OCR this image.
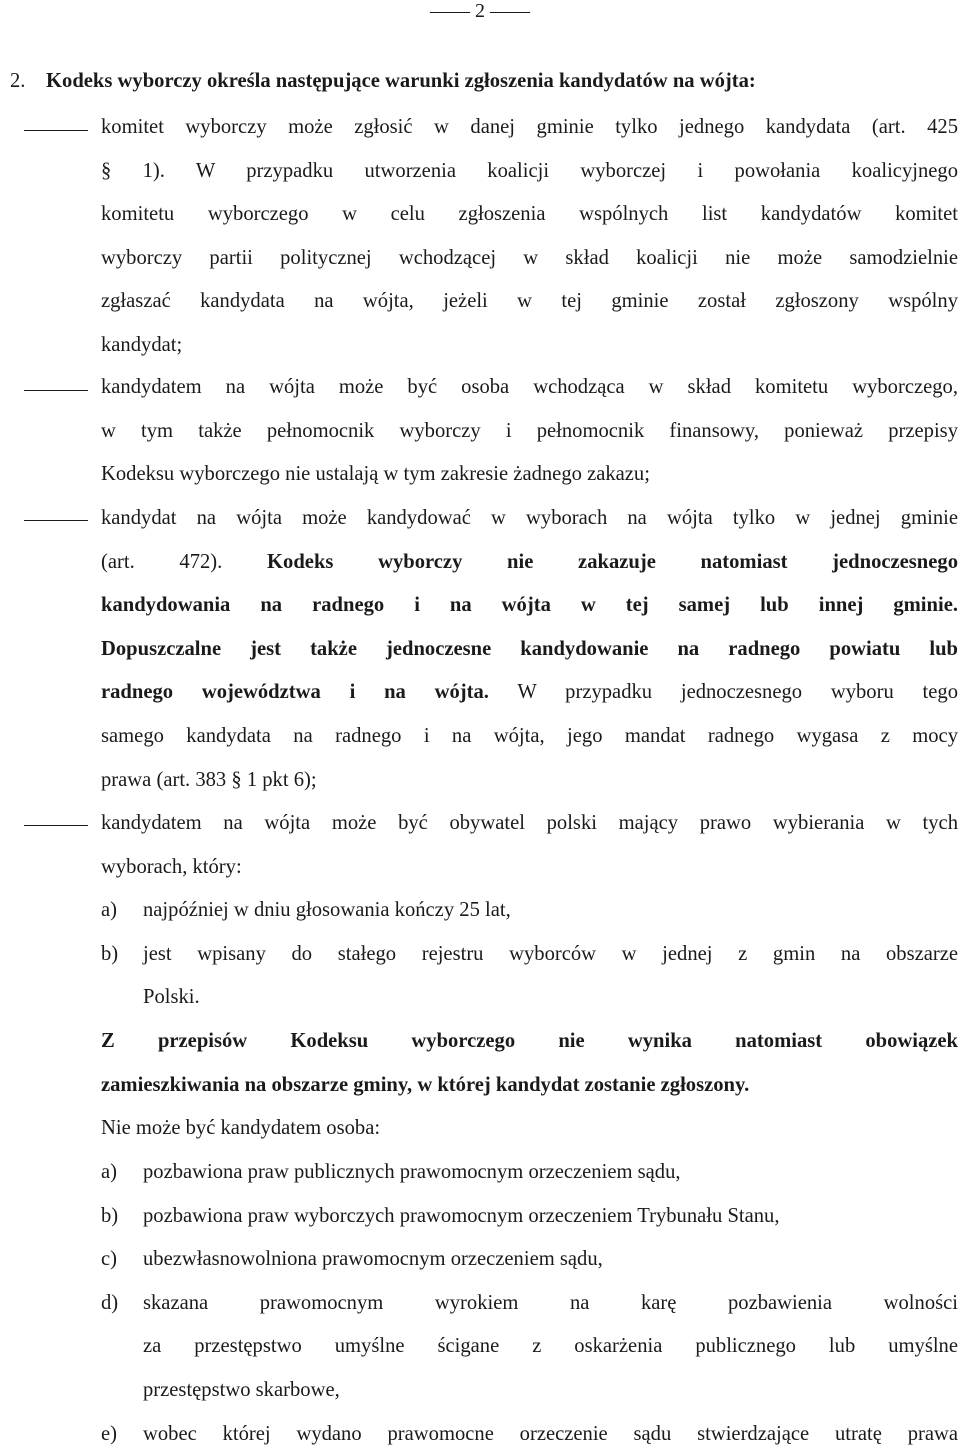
—— 2 ——
2. Kodeks wyborczy określa następujące warunki zgłoszenia kandydatów na wójta:
komitet wyborczy może zgłosić w danej gminie tylko jednego kandydata (art. 425
§ 1). W przypadku utworzenia koalicji wyborczej i powołania koalicyjnego
komitetu wyborczego w celu zgłoszenia wspólnych list kandydatów komitet
wyborczy partii politycznej wchodzącej w skład koalicji nie może samodzielnie
zgłaszać kandydata na wójta, jeżeli w tej gminie został zgłoszony wspólny
kandydat;
kandydatem na wójta może być osoba wchodząca w skład komitetu wyborczego,
w tym także pełnomocnik wyborczy i pełnomocnik finansowy, ponieważ przepisy
Kodeksu wyborczego nie ustalają w tym zakresie żadnego zakazu;
kandydat na wójta może kandydować w wyborach na wójta tylko w jednej gminie
(art. 472). Kodeks wyborczy nie zakazuje natomiast jednoczesnego
kandydowania na radnego i na wójta w tej samej lub innej gminie.
Dopuszczalne jest także jednoczesne kandydowanie na radnego powiatu lub
radnego województwa i na wójta. W przypadku jednoczesnego wyboru tego
samego kandydata na radnego i na wójta, jego mandat radnego wygasa z mocy
prawa (art. 383 § 1 pkt 6);
kandydatem na wójta może być obywatel polski mający prawo wybierania w tych
wyborach, który:
a) najpóźniej w dniu głosowania kończy 25 lat,
b) jest wpisany do stałego rejestru wyborców w jednej z gmin na obszarze
Polski.
Z przepisów Kodeksu wyborczego nie wynika natomiast obowiązek
zamieszkiwania na obszarze gminy, w której kandydat zostanie zgłoszony.
Nie może być kandydatem osoba:
a) pozbawiona praw publicznych prawomocnym orzeczeniem sądu,
b) pozbawiona praw wyborczych prawomocnym orzeczeniem Trybunału Stanu,
c) ubezwłasnowolniona prawomocnym orzeczeniem sądu,
d) skazana prawomocnym wyrokiem na karę pozbawienia wolności
za przestępstwo umyślne ścigane z oskarżenia publicznego lub umyślne
przestępstwo skarbowe,
e) wobec której wydano prawomocne orzeczenie sądu stwierdzające utratę prawa
